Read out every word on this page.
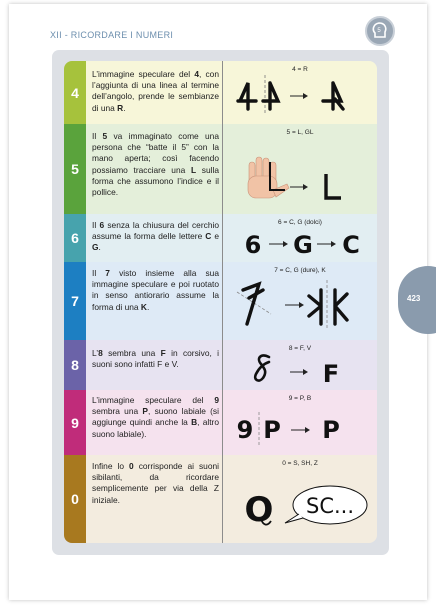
XII - RICORDARE I NUMERI	5
423
4
L’immagine speculare del 4, con l’aggiunta di una linea al termine dell’angolo, prende le sembianze di una R.
4 = R
5
Il 5 va immaginato come una persona che “batte il 5” con la mano aperta; così facendo possiamo tracciare una L sulla forma che assumono l’indice e il pollice.
5 = L, GL
6
Il 6 senza la chiusura del cerchio assume la forma delle lettere C e G.
6 = C, G (dolci)
6 G C
7
Il 7 visto insieme alla sua immagine speculare e poi ruotato in senso antiorario assume la forma di una K.
7 = C, G (dure), K
8
L’8 sembra una F in corsivo, i suoni sono infatti F e V.
8 = F, V
F
9
L’immagine speculare del 9 sembra una P, suono labiale (si aggiunge quindi anche la B, altro suono labiale).
9 = P, B
9 P P
0
Infine lo 0 corrisponde ai suoni sibilanti, da ricordare semplicemente per via della Z iniziale.
0 = S, SH, Z
O SC...
